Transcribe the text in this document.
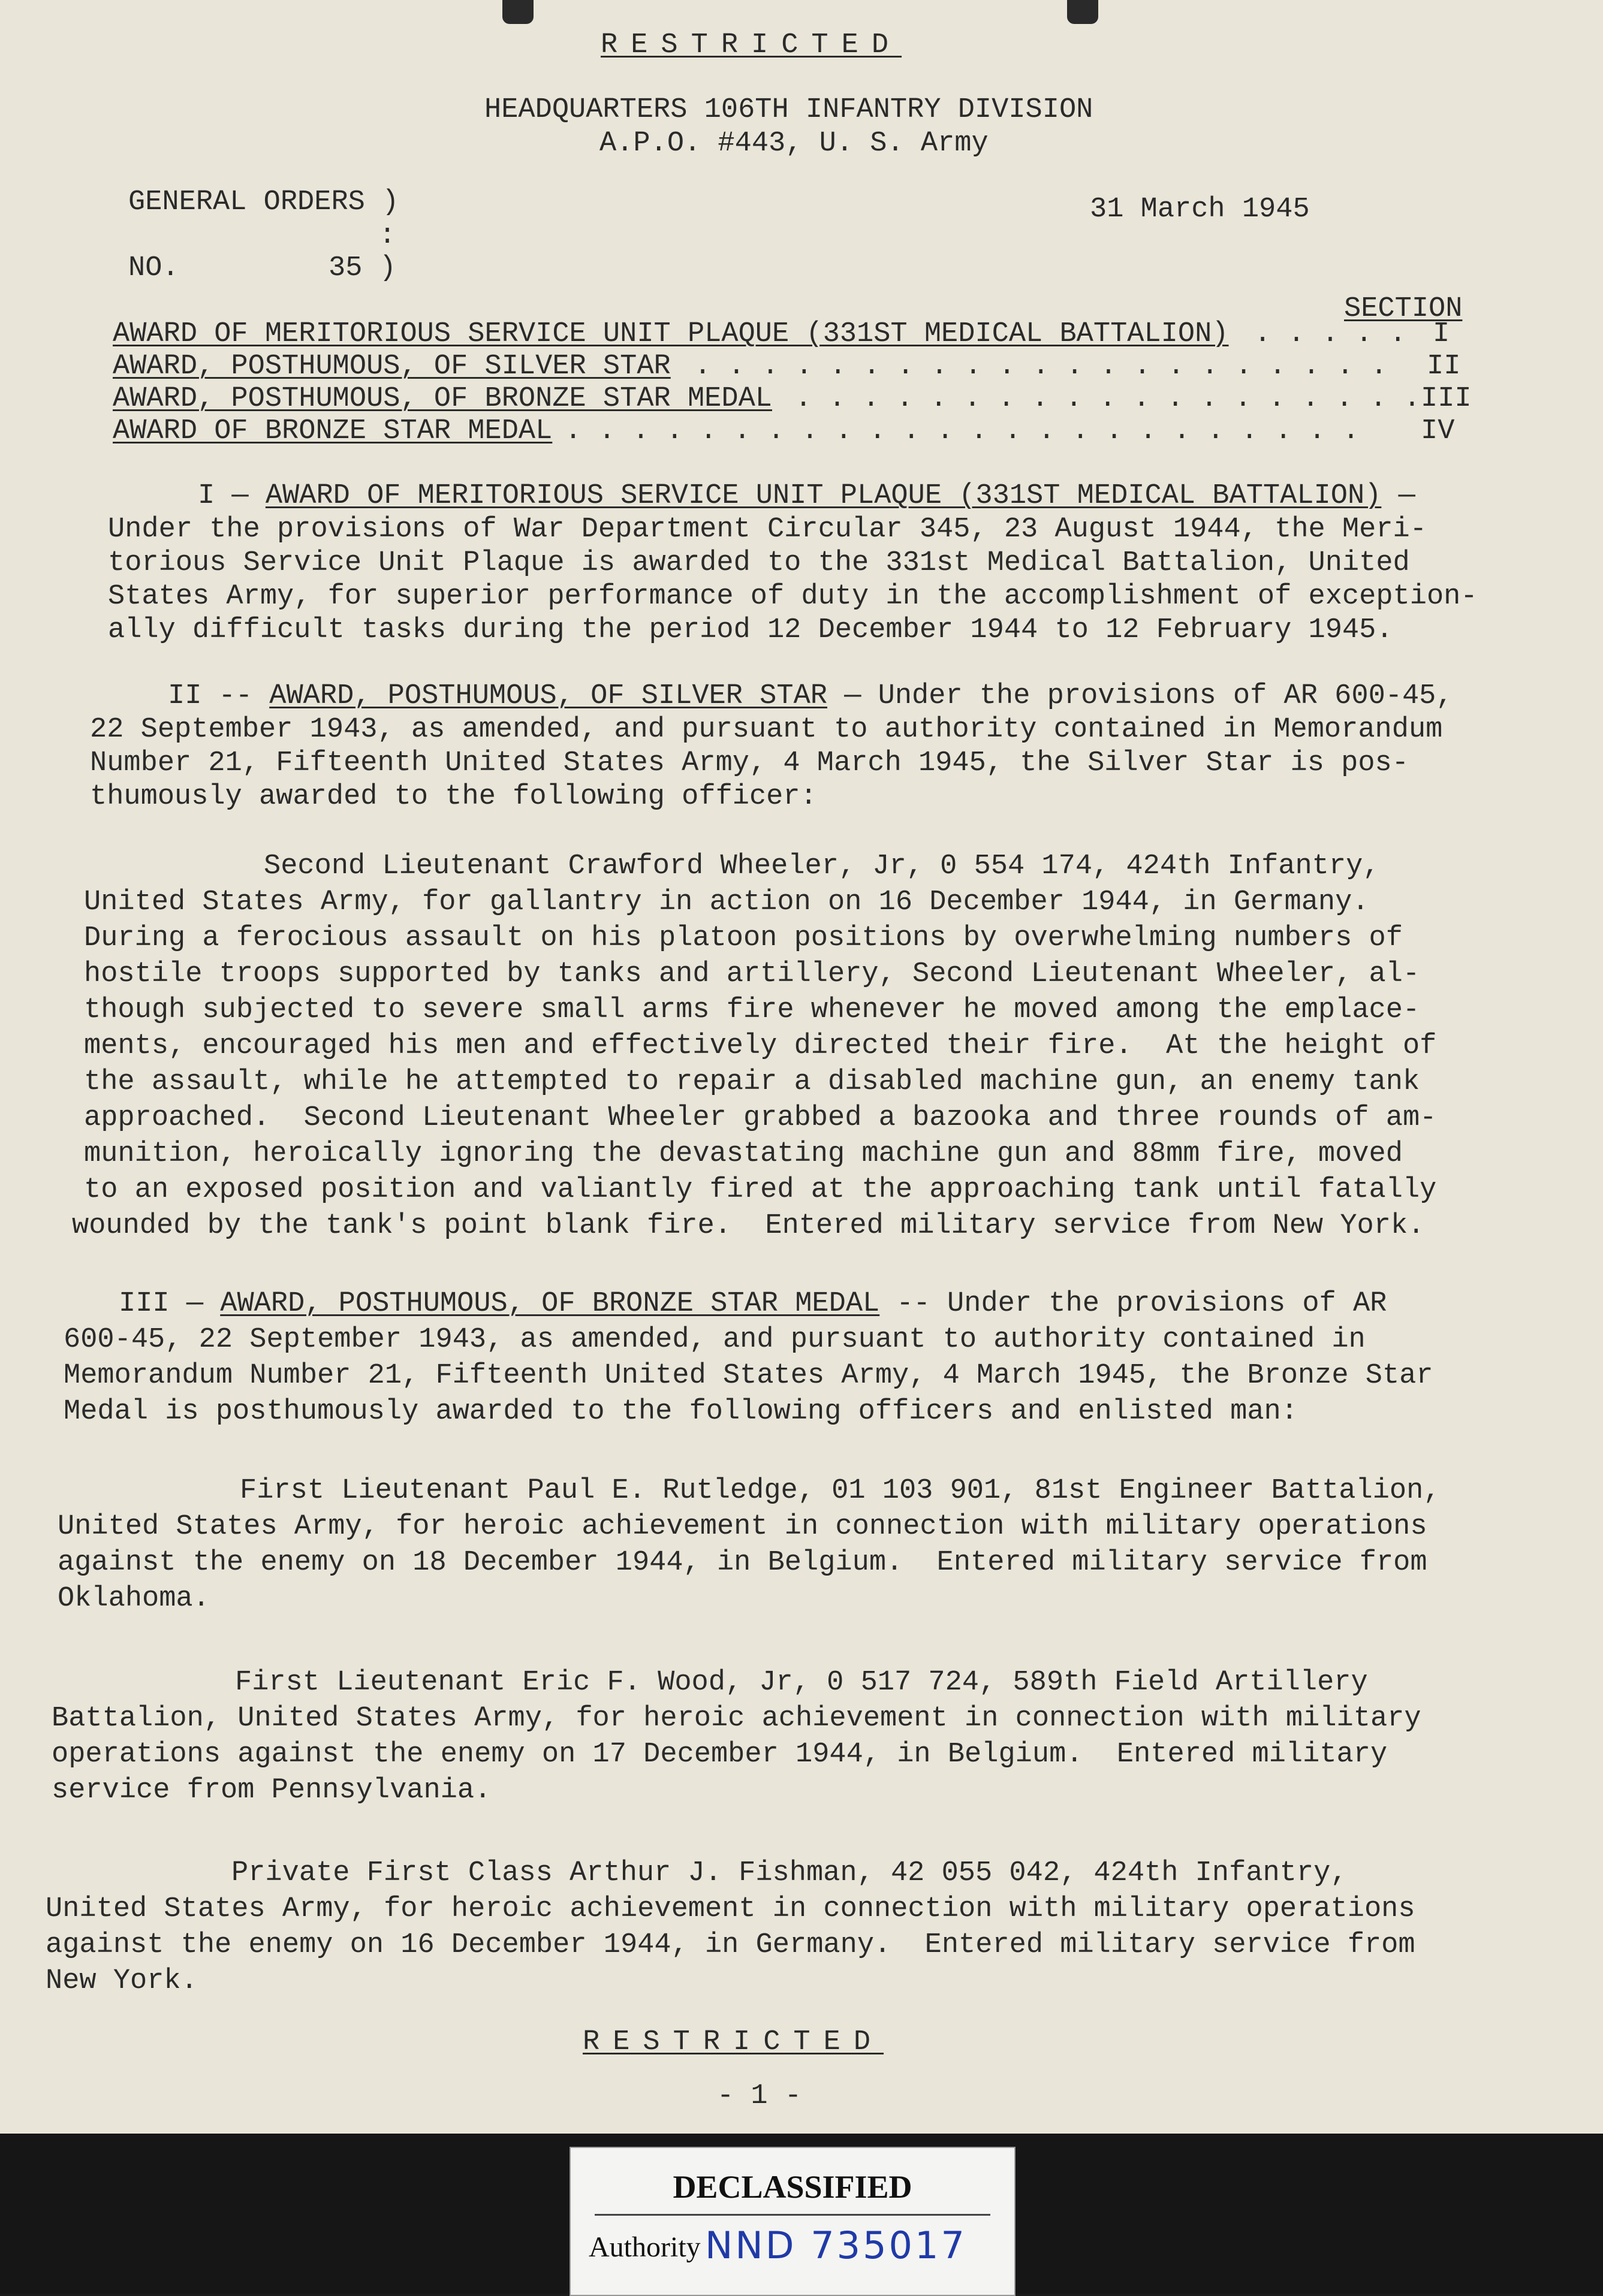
RESTRICTED
HEADQUARTERS 106TH INFANTRY DIVISION
A.P.O. #443, U. S. Army
GENERAL ORDERS )
:
31 March 1945
NO.	35 )
SECTION
AWARD OF MERITORIOUS SERVICE UNIT PLAQUE (331ST MEDICAL BATTALION) . . . . . I
AWARD, POSTHUMOUS, OF SILVER STAR . . . . . . . . . . . . . . . . . . . . . II
AWARD, POSTHUMOUS, OF BRONZE STAR MEDAL . . . . . . . . . . . . . . . . . . . III
AWARD OF BRONZE STAR MEDAL . . . . . . . . . . . . . . . . . . . . . . . . IV
I — AWARD OF MERITORIOUS SERVICE UNIT PLAQUE (331ST MEDICAL BATTALION) —
Under the provisions of War Department Circular 345, 23 August 1944, the Meri-
torious Service Unit Plaque is awarded to the 331st Medical Battalion, United
States Army, for superior performance of duty in the accomplishment of exception-
ally difficult tasks during the period 12 December 1944 to 12 February 1945.
II -- AWARD, POSTHUMOUS, OF SILVER STAR — Under the provisions of AR 600-45,
22 September 1943, as amended, and pursuant to authority contained in Memorandum
Number 21, Fifteenth United States Army, 4 March 1945, the Silver Star is pos-
thumously awarded to the following officer:
Second Lieutenant Crawford Wheeler, Jr, 0 554 174, 424th Infantry,
United States Army, for gallantry in action on 16 December 1944, in Germany.
During a ferocious assault on his platoon positions by overwhelming numbers of
hostile troops supported by tanks and artillery, Second Lieutenant Wheeler, al-
though subjected to severe small arms fire whenever he moved among the emplace-
ments, encouraged his men and effectively directed their fire.  At the height of
the assault, while he attempted to repair a disabled machine gun, an enemy tank
approached.  Second Lieutenant Wheeler grabbed a bazooka and three rounds of am-
munition, heroically ignoring the devastating machine gun and 88mm fire, moved
to an exposed position and valiantly fired at the approaching tank until fatally
wounded by the tank's point blank fire.  Entered military service from New York.
III — AWARD, POSTHUMOUS, OF BRONZE STAR MEDAL -- Under the provisions of AR
600-45, 22 September 1943, as amended, and pursuant to authority contained in
Memorandum Number 21, Fifteenth United States Army, 4 March 1945, the Bronze Star
Medal is posthumously awarded to the following officers and enlisted man:
First Lieutenant Paul E. Rutledge, 01 103 901, 81st Engineer Battalion,
United States Army, for heroic achievement in connection with military operations
against the enemy on 18 December 1944, in Belgium.  Entered military service from
Oklahoma.
First Lieutenant Eric F. Wood, Jr, 0 517 724, 589th Field Artillery
Battalion, United States Army, for heroic achievement in connection with military
operations against the enemy on 17 December 1944, in Belgium.  Entered military
service from Pennsylvania.
Private First Class Arthur J. Fishman, 42 055 042, 424th Infantry,
United States Army, for heroic achievement in connection with military operations
against the enemy on 16 December 1944, in Germany.  Entered military service from
New York.
RESTRICTED
- 1 -
DECLASSIFIED
Authority NND 735017
